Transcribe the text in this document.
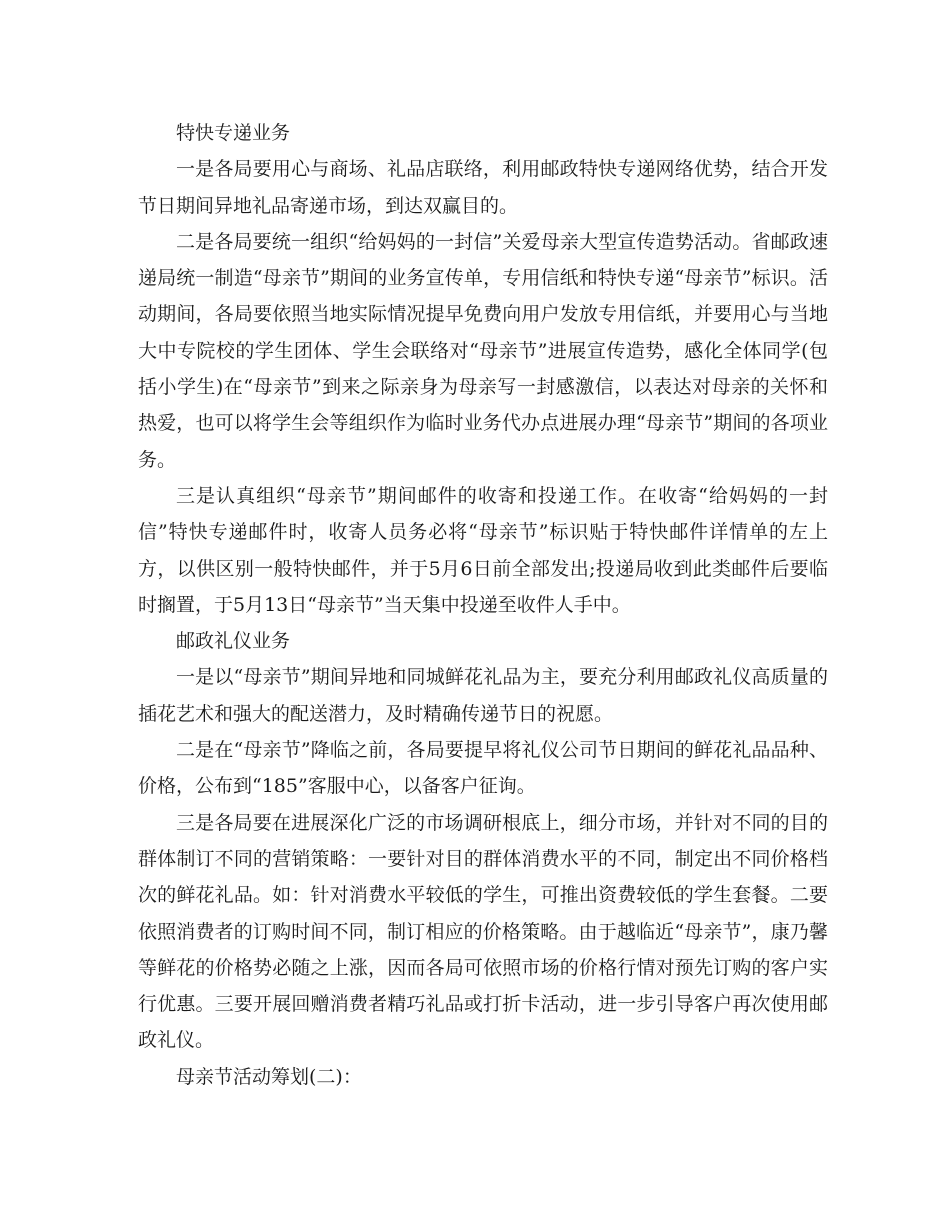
特快专递业务

一是各局要用心与商场、礼品店联络，利用邮政特快专递网络优势，结合开发节日期间异地礼品寄递市场，到达双赢目的。

二是各局要统一组织“给妈妈的一封信”关爱母亲大型宣传造势活动。省邮政速递局统一制造“母亲节”期间的业务宣传单，专用信纸和特快专递“母亲节”标识。活动期间，各局要依照当地实际情况提早免费向用户发放专用信纸，并要用心与当地大中专院校的学生团体、学生会联络对“母亲节”进展宣传造势，感化全体同学(包括小学生)在“母亲节”到来之际亲身为母亲写一封感激信，以表达对母亲的关怀和热爱，也可以将学生会等组织作为临时业务代办点进展办理“母亲节”期间的各项业务。

三是认真组织“母亲节”期间邮件的收寄和投递工作。在收寄“给妈妈的一封信”特快专递邮件时，收寄人员务必将“母亲节”标识贴于特快邮件详情单的左上方，以供区别一般特快邮件，并于5月6日前全部发出;投递局收到此类邮件后要临时搁置，于5月13日“母亲节”当天集中投递至收件人手中。

邮政礼仪业务

一是以“母亲节”期间异地和同城鲜花礼品为主，要充分利用邮政礼仪高质量的插花艺术和强大的配送潜力，及时精确传递节日的祝愿。

二是在“母亲节”降临之前，各局要提早将礼仪公司节日期间的鲜花礼品品种、价格，公布到“185”客服中心，以备客户征询。

三是各局要在进展深化广泛的市场调研根底上，细分市场，并针对不同的目的群体制订不同的营销策略：一要针对目的群体消费水平的不同，制定出不同价格档次的鲜花礼品。如：针对消费水平较低的学生，可推出资费较低的学生套餐。二要依照消费者的订购时间不同，制订相应的价格策略。由于越临近“母亲节”，康乃馨等鲜花的价格势必随之上涨，因而各局可依照市场的价格行情对预先订购的客户实行优惠。三要开展回赠消费者精巧礼品或打折卡活动，进一步引导客户再次使用邮政礼仪。

母亲节活动筹划(二)：
